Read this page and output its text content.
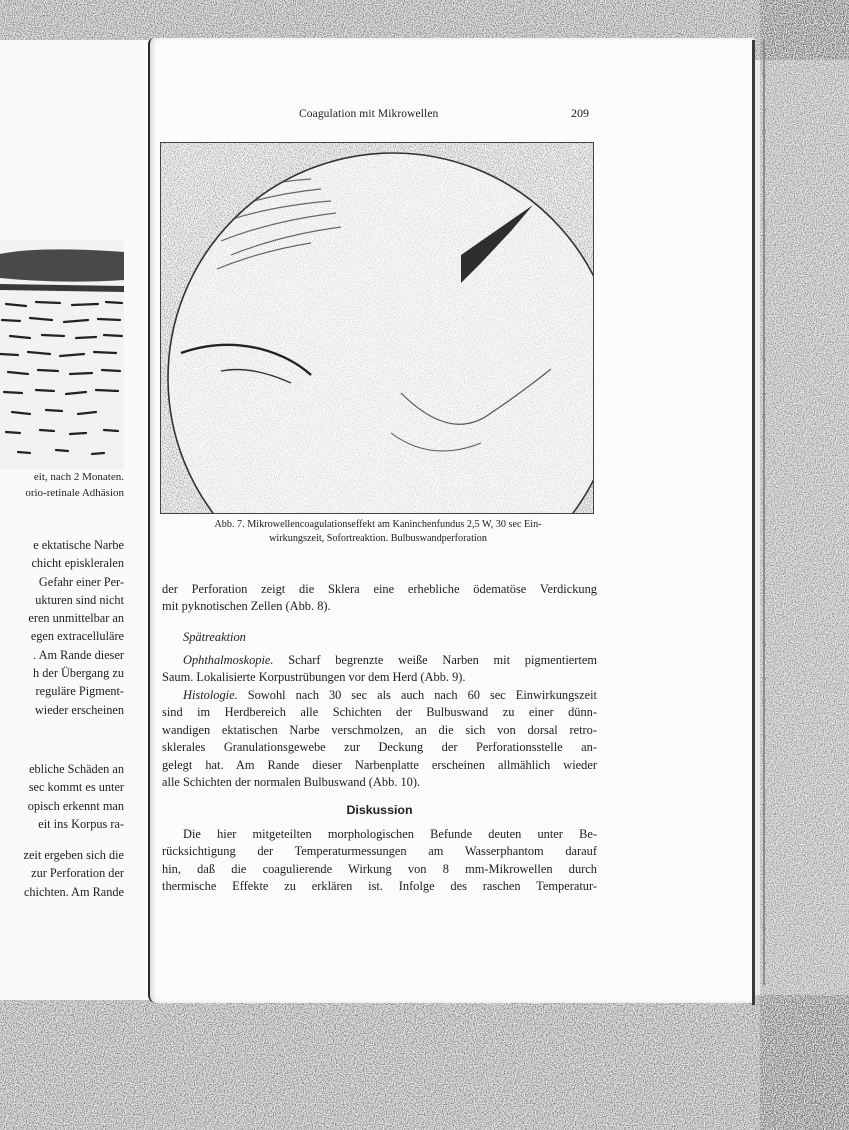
eit, nach 2 Monaten.
orio-retinale Adhäsion
e ektatische Narbe
chicht episkleralen
Gefahr einer Per-
ukturen sind nicht
eren unmittelbar an
egen extracelluläre
. Am Rande dieser
h der Übergang zu
reguläre Pigment-
wieder erscheinen
ebliche Schäden an
sec kommt es unter
opisch erkennt man
eit ins Korpus ra-
zeit ergeben sich die
zur Perforation der
chichten. Am Rande
Coagulation mit Mikrowellen	209
Abb. 7. Mikrowellencoagulationseffekt am Kaninchenfundus 2,5 W, 30 sec Ein-
wirkungszeit, Sofortreaktion. Bulbuswandperforation
der Perforation zeigt die Sklera eine erhebliche ödematöse Verdickung
mit pyknotischen Zellen (Abb. 8).
Spätreaktion
Ophthalmoskopie. Scharf begrenzte weiße Narben mit pigmentiertem
Saum. Lokalisierte Korpustrübungen vor dem Herd (Abb. 9).
Histologie. Sowohl nach 30 sec als auch nach 60 sec Einwirkungszeit
sind im Herdbereich alle Schichten der Bulbuswand zu einer dünn-
wandigen ektatischen Narbe verschmolzen, an die sich von dorsal retro-
sklerales Granulationsgewebe zur Deckung der Perforationsstelle an-
gelegt hat. Am Rande dieser Narbenplatte erscheinen allmählich wieder
alle Schichten der normalen Bulbuswand (Abb. 10).
Diskussion
Die hier mitgeteilten morphologischen Befunde deuten unter Be-
rücksichtigung der Temperaturmessungen am Wasserphantom darauf
hin, daß die coagulierende Wirkung von 8 mm-Mikrowellen durch
thermische Effekte zu erklären ist. Infolge des raschen Temperatur-
